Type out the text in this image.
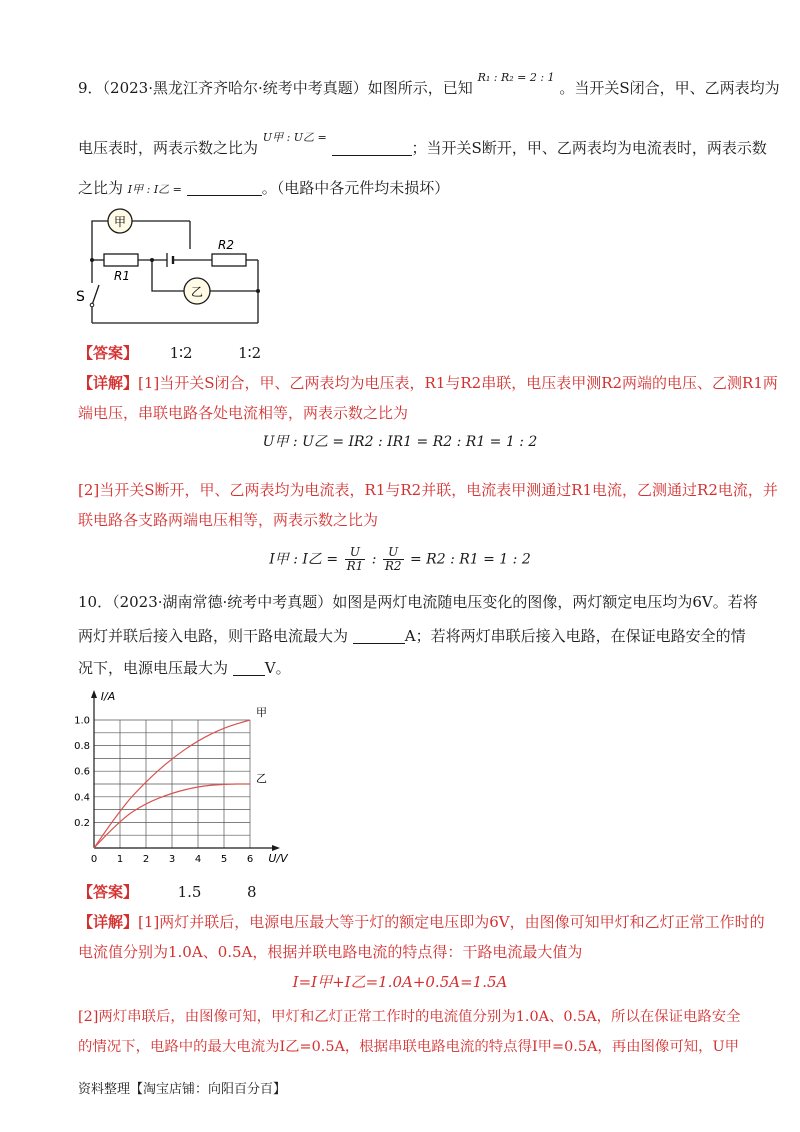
9．（2023·黑龙江齐齐哈尔·统考中考真题）如图所示，已知 $^{R_1 : R_2 = 2 : 1}$ 。当开关S闭合，甲、乙两表均为
电压表时，两表示数之比为 $^{U甲 : U乙 =}$ ；当开关S断开，甲、乙两表均为电流表时，两表示数
之比为 I甲 : I乙 =	。（电路中各元件均未损坏）
甲
乙
R1
R2
S
【答案】 1∶2	1∶2
【详解】[1]当开关S闭合，甲、乙两表均为电压表，R1与R2串联，电压表甲测R2两端的电压、乙测R1两
端电压，串联电路各处电流相等，两表示数之比为
U甲 : U乙 = IR2 : IR1 = R2 : R1 = 1 : 2
[2]当开关S断开，甲、乙两表均为电流表，R1与R2并联，电流表甲测通过R1电流，乙测通过R2电流，并
联电路各支路两端电压相等，两表示数之比为
I甲 : I乙 = $\frac{U}{R1}$ : $\frac{U}{R2} = R2$ : R1 = 1 : 2
10．（2023·湖南常德·统考中考真题）如图是两灯电流随电压变化的图像，两灯额定电压均为6V。若将
两灯并联后接入电路，则干路电流最大为	A；若将两灯串联后接入电路，在保证电路安全的情
况下，电源电压最大为 V。
0 1 2 3 4 5 6
0.2
0.4
0.6
0.8
1.0
U/V
I/A
甲
乙
【答案】	1.5	8
【详解】[1]两灯并联后，电源电压最大等于灯的额定电压即为6V，由图像可知甲灯和乙灯正常工作时的
电流值分别为1.0A、0.5A，根据并联电路电流的特点得：干路电流最大值为
I=I甲+I乙=1.0A+0.5A=1.5A
[2]两灯串联后，由图像可知，甲灯和乙灯正常工作时的电流值分别为1.0A、0.5A，所以在保证电路安全
的情况下，电路中的最大电流为I乙=0.5A，根据串联电路电流的特点得I甲=0.5A，再由图像可知，U甲
资料整理【淘宝店铺：向阳百分百】
